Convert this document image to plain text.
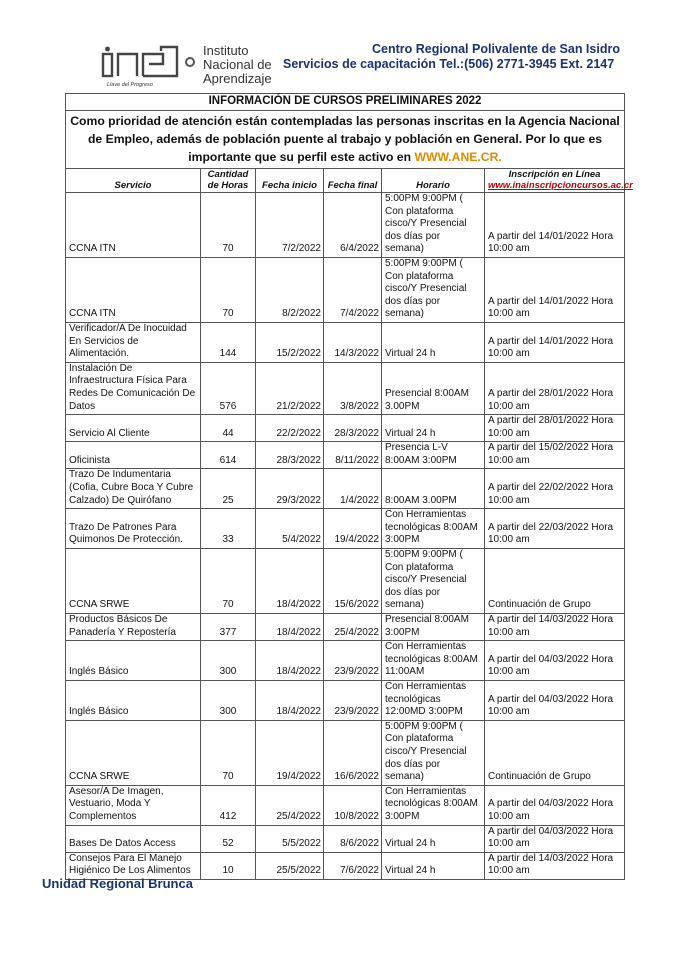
Llave del Progreso
Instituto
Nacional de
Aprendizaje
Centro Regional Polivalente de San Isidro
Servicios de capacitación Tel.:(506) 2771-3945 Ext. 2147
INFORMACIÓN DE CURSOS PRELIMINARES 2022					
Como prioridad de atención están contempladas las personas inscritas en la Agencia Nacional de Empleo, además de población puente al trabajo y población en General. Por lo que es importante que su perfil este activo en WWW.ANE.CR.					
Servicio	Cantidad de Horas	Fecha inicio	Fecha final	Horario	Inscripción en Línea www.inainscripcioncursos.ac.cr
CCNA ITN	70	7/2/2022	6/4/2022	5:00PM 9:00PM ( Con plataforma cisco/Y Presencial dos días por semana)	A partir del 14/01/2022 Hora 10:00 am
CCNA ITN	70	8/2/2022	7/4/2022	5:00PM 9:00PM ( Con plataforma cisco/Y Presencial dos días por semana)	A partir del 14/01/2022 Hora 10:00 am
Verificador/A De Inocuidad En Servicios de Alimentación.	144	15/2/2022	14/3/2022	Virtual 24 h	A partir del 14/01/2022 Hora 10:00 am
Instalación De Infraestructura Física Para Redes De Comunicación De Datos	576	21/2/2022	3/8/2022	Presencial 8:00AM 3.00PM	A partir del 28/01/2022 Hora 10:00 am
Servicio Al Cliente	44	22/2/2022	28/3/2022	Virtual 24 h	A partir del 28/01/2022 Hora 10:00 am
Oficinista	614	28/3/2022	8/11/2022	Presencia L-V 8:00AM 3:00PM	A partir del 15/02/2022 Hora 10:00 am
Trazo De Indumentaria (Cofia, Cubre Boca Y Cubre Calzado) De Quirófano	25	29/3/2022	1/4/2022	8:00AM 3.00PM	A partir del 22/02/2022 Hora 10:00 am
Trazo De Patrones Para Quimonos De Protección.	33	5/4/2022	19/4/2022	Con Herramientas tecnológicas 8:00AM 3:00PM	A partir del 22/03/2022 Hora 10:00 am
CCNA SRWE	70	18/4/2022	15/6/2022	5:00PM 9:00PM ( Con plataforma cisco/Y Presencial dos días por semana)	Continuación de Grupo
Productos Básicos De Panadería Y Repostería	377	18/4/2022	25/4/2022	Presencial 8:00AM 3:00PM	A partir del 14/03/2022 Hora 10:00 am
Inglés Básico	300	18/4/2022	23/9/2022	Con Herramientas tecnológicas 8:00AM 11:00AM	A partir del 04/03/2022 Hora 10:00 am
Inglés Básico	300	18/4/2022	23/9/2022	Con Herramientas tecnológicas 12:00MD 3:00PM	A partir del 04/03/2022 Hora 10:00 am
CCNA SRWE	70	19/4/2022	16/6/2022	5:00PM 9:00PM ( Con plataforma cisco/Y Presencial dos días por semana)	Continuación de Grupo
Asesor/A De Imagen, Vestuario, Moda Y Complementos	412	25/4/2022	10/8/2022	Con Herramientas tecnológicas 8:00AM 3:00PM	A partir del 04/03/2022 Hora 10:00 am
Bases De Datos Access	52	5/5/2022	8/6/2022	Virtual 24 h	A partir del 04/03/2022 Hora 10:00 am
Consejos Para El Manejo Higiénico De Los Alimentos	10	25/5/2022	7/6/2022	Virtual 24 h	A partir del 14/03/2022 Hora 10:00 am
Unidad Regional Brunca
